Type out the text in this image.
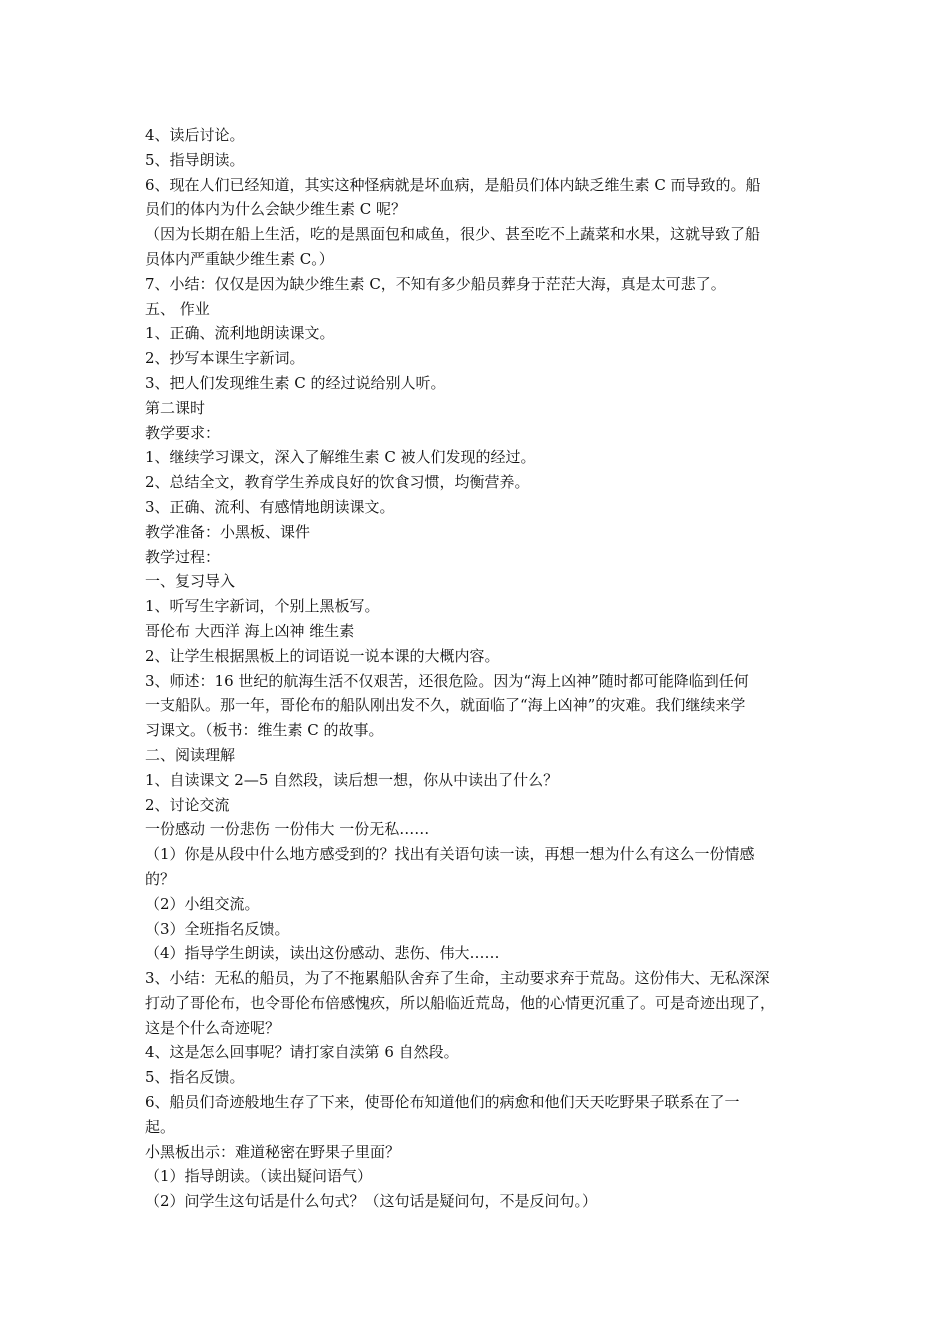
4、读后讨论。
5、指导朗读。
6、现在人们已经知道，其实这种怪病就是坏血病，是船员们体内缺乏维生素 C 而导致的。船
员们的体内为什么会缺少维生素 C 呢？
（因为长期在船上生活，吃的是黑面包和咸鱼，很少、甚至吃不上蔬菜和水果，这就导致了船
员体内严重缺少维生素 C。）
7、小结：仅仅是因为缺少维生素 C，不知有多少船员葬身于茫茫大海，真是太可悲了。
五、 作业
1、正确、流利地朗读课文。
2、抄写本课生字新词。
3、把人们发现维生素 C 的经过说给别人听。
第二课时
教学要求：
1、继续学习课文，深入了解维生素 C 被人们发现的经过。
2、总结全文，教育学生养成良好的饮食习惯，均衡营养。
3、正确、流利、有感情地朗读课文。
教学准备：小黑板、课件
教学过程：
一、复习导入
1、听写生字新词，个别上黑板写。
哥伦布 大西洋 海上凶神 维生素
2、让学生根据黑板上的词语说一说本课的大概内容。
3、师述：16 世纪的航海生活不仅艰苦，还很危险。因为“海上凶神”随时都可能降临到任何
一支船队。那一年，哥伦布的船队刚出发不久，就面临了“海上凶神”的灾难。我们继续来学
习课文。（板书：维生素 C 的故事。
二、阅读理解
1、自读课文 2—5 自然段，读后想一想，你从中读出了什么？
2、讨论交流
一份感动 一份悲伤 一份伟大 一份无私……
（1）你是从段中什么地方感受到的？找出有关语句读一读，再想一想为什么有这么一份情感
的？
（2）小组交流。
（3）全班指名反馈。
（4）指导学生朗读，读出这份感动、悲伤、伟大……
3、小结：无私的船员，为了不拖累船队舍弃了生命，主动要求弃于荒岛。这份伟大、无私深深
打动了哥伦布，也令哥伦布倍感愧疚，所以船临近荒岛，他的心情更沉重了。可是奇迹出现了，
这是个什么奇迹呢？
4、这是怎么回事呢？请打家自渎第 6 自然段。
5、指名反馈。
6、船员们奇迹般地生存了下来，使哥伦布知道他们的病愈和他们天天吃野果子联系在了一
起。
小黑板出示：难道秘密在野果子里面？
（1）指导朗读。（读出疑问语气）
（2）问学生这句话是什么句式？（这句话是疑问句，不是反问句。）
